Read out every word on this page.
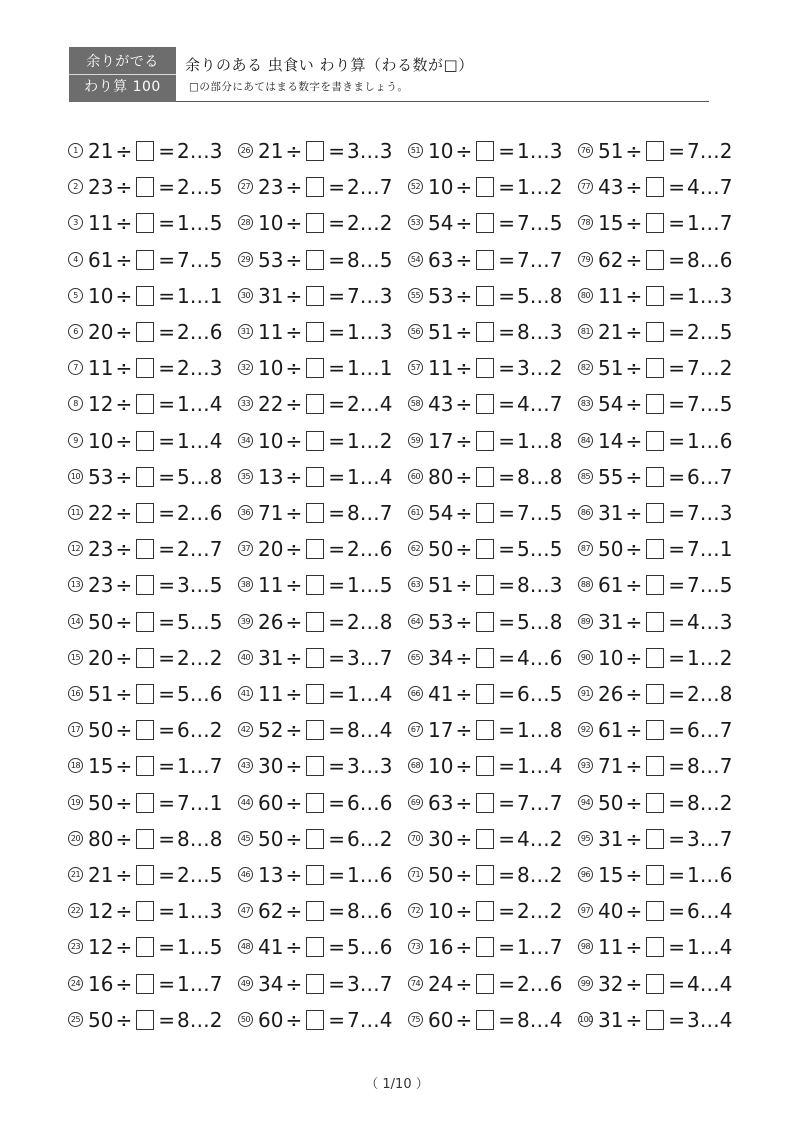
余りがでる
わり算 100
余りのある 虫食い わり算（わる数が□）
□の部分にあてはまる数字を書きましょう。
1 21 ÷ = 2 … 3
2 23 ÷ = 2 … 5
3 11 ÷ = 1 … 5
4 61 ÷ = 7 … 5
5 10 ÷ = 1 … 1
6 20 ÷ = 2 … 6
7 11 ÷ = 2 … 3
8 12 ÷ = 1 … 4
9 10 ÷ = 1 … 4
10 53 ÷ = 5 … 8
11 22 ÷ = 2 … 6
12 23 ÷ = 2 … 7
13 23 ÷ = 3 … 5
14 50 ÷ = 5 … 5
15 20 ÷ = 2 … 2
16 51 ÷ = 5 … 6
17 50 ÷ = 6 … 2
18 15 ÷ = 1 … 7
19 50 ÷ = 7 … 1
20 80 ÷ = 8 … 8
21 21 ÷ = 2 … 5
22 12 ÷ = 1 … 3
23 12 ÷ = 1 … 5
24 16 ÷ = 1 … 7
25 50 ÷ = 8 … 2
26 21 ÷ = 3 … 3
27 23 ÷ = 2 … 7
28 10 ÷ = 2 … 2
29 53 ÷ = 8 … 5
30 31 ÷ = 7 … 3
31 11 ÷ = 1 … 3
32 10 ÷ = 1 … 1
33 22 ÷ = 2 … 4
34 10 ÷ = 1 … 2
35 13 ÷ = 1 … 4
36 71 ÷ = 8 … 7
37 20 ÷ = 2 … 6
38 11 ÷ = 1 … 5
39 26 ÷ = 2 … 8
40 31 ÷ = 3 … 7
41 11 ÷ = 1 … 4
42 52 ÷ = 8 … 4
43 30 ÷ = 3 … 3
44 60 ÷ = 6 … 6
45 50 ÷ = 6 … 2
46 13 ÷ = 1 … 6
47 62 ÷ = 8 … 6
48 41 ÷ = 5 … 6
49 34 ÷ = 3 … 7
50 60 ÷ = 7 … 4
51 10 ÷ = 1 … 3
52 10 ÷ = 1 … 2
53 54 ÷ = 7 … 5
54 63 ÷ = 7 … 7
55 53 ÷ = 5 … 8
56 51 ÷ = 8 … 3
57 11 ÷ = 3 … 2
58 43 ÷ = 4 … 7
59 17 ÷ = 1 … 8
60 80 ÷ = 8 … 8
61 54 ÷ = 7 … 5
62 50 ÷ = 5 … 5
63 51 ÷ = 8 … 3
64 53 ÷ = 5 … 8
65 34 ÷ = 4 … 6
66 41 ÷ = 6 … 5
67 17 ÷ = 1 … 8
68 10 ÷ = 1 … 4
69 63 ÷ = 7 … 7
70 30 ÷ = 4 … 2
71 50 ÷ = 8 … 2
72 10 ÷ = 2 … 2
73 16 ÷ = 1 … 7
74 24 ÷ = 2 … 6
75 60 ÷ = 8 … 4
76 51 ÷ = 7 … 2
77 43 ÷ = 4 … 7
78 15 ÷ = 1 … 7
79 62 ÷ = 8 … 6
80 11 ÷ = 1 … 3
81 21 ÷ = 2 … 5
82 51 ÷ = 7 … 2
83 54 ÷ = 7 … 5
84 14 ÷ = 1 … 6
85 55 ÷ = 6 … 7
86 31 ÷ = 7 … 3
87 50 ÷ = 7 … 1
88 61 ÷ = 7 … 5
89 31 ÷ = 4 … 3
90 10 ÷ = 1 … 2
91 26 ÷ = 2 … 8
92 61 ÷ = 6 … 7
93 71 ÷ = 8 … 7
94 50 ÷ = 8 … 2
95 31 ÷ = 3 … 7
96 15 ÷ = 1 … 6
97 40 ÷ = 6 … 4
98 11 ÷ = 1 … 4
99 32 ÷ = 4 … 4
100 31 ÷ = 3 … 4
（ 1/10 ）
